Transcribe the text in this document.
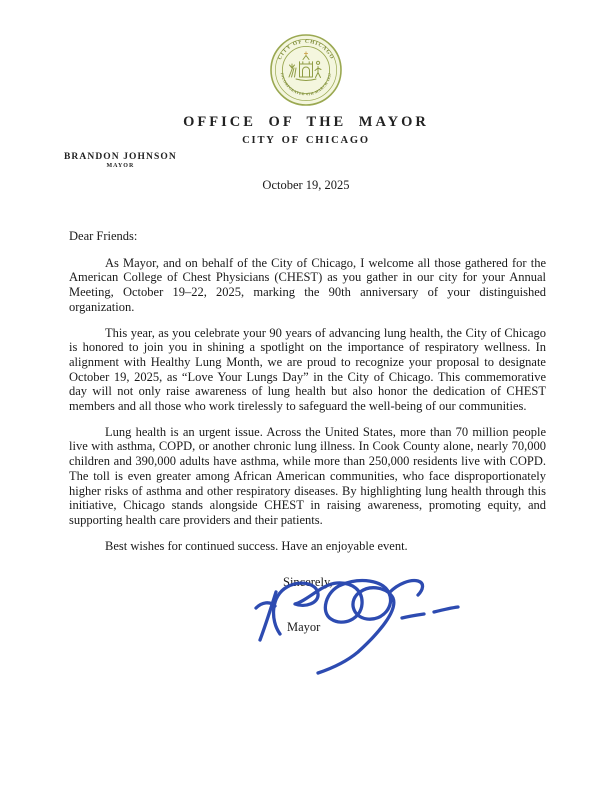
CITY OF CHICAGO
INCORPORATED 4TH MARCH 1837
OFFICE OF THE MAYOR
CITY OF CHICAGO
BRANDON JOHNSON
MAYOR
October 19, 2025

Dear Friends:

As Mayor, and on behalf of the City of Chicago, I welcome all those gathered for the American College of Chest Physicians (CHEST) as you gather in our city for your Annual Meeting, October 19–22, 2025, marking the 90th anniversary of your distinguished organization.

This year, as you celebrate your 90 years of advancing lung health, the City of Chicago is honored to join you in shining a spotlight on the importance of respiratory wellness. In alignment with Healthy Lung Month, we are proud to recognize your proposal to designate October 19, 2025, as “Love Your Lungs Day” in the City of Chicago. This commemorative day will not only raise awareness of lung health but also honor the dedication of CHEST members and all those who work tirelessly to safeguard the well-being of our communities.

Lung health is an urgent issue. Across the United States, more than 70 million people live with asthma, COPD, or another chronic lung illness. In Cook County alone, nearly 70,000 children and 390,000 adults have asthma, while more than 250,000 residents live with COPD. The toll is even greater among African American communities, who face disproportionately higher risks of asthma and other respiratory diseases. By highlighting lung health through this initiative, Chicago stands alongside CHEST in raising awareness, promoting equity, and supporting health care providers and their patients.

Best wishes for continued success. Have an enjoyable event.

Sincerely,
Mayor
